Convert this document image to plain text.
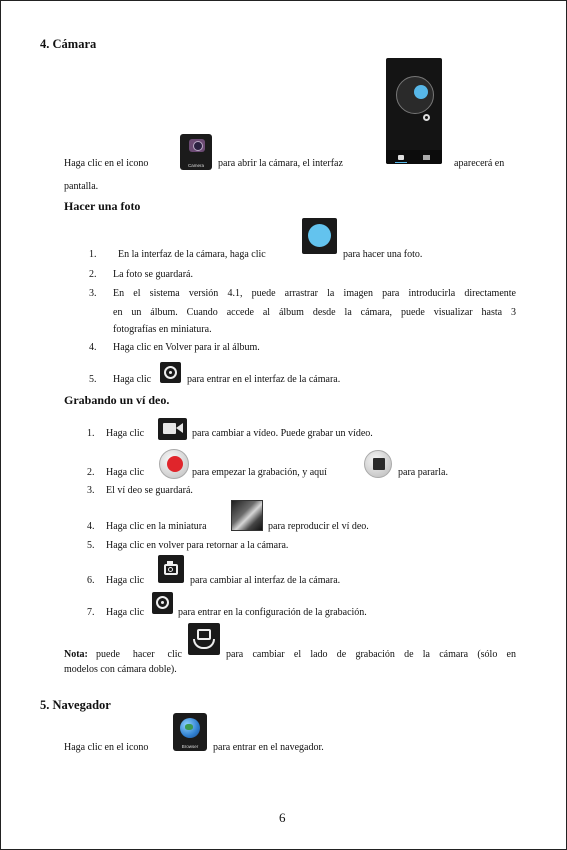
4. Cámara
Haga clic en el icono	Camera	para abrir la cámara, el interfaz	aparecerá en
pantalla.
Hacer una foto
1. En la interfaz de la cámara, haga clic	para hacer una foto.
2. La foto se guardará.
3. En el sistema versión 4.1, puede arrastrar la imagen para introducirla directamente
en un álbum. Cuando accede al álbum desde la cámara, puede visualizar hasta 3
fotografías en miniatura.
4. Haga clic en Volver para ir al álbum.
5. Haga clic	para entrar en el interfaz de la cámara.
Grabando un ví deo.
1. Haga clic	para cambiar a vídeo. Puede grabar un vídeo.
2. Haga clic	para empezar la grabación, y aquí	para pararla.
3. El ví deo se guardará.
4. Haga clic en la miniatura	para reproducir el ví deo.
5. Haga clic en volver para retornar a la cámara.
6. Haga clic	para cambiar al interfaz de la cámara.
7. Haga clic	para entrar en la configuración de la grabación.
Nota: puede hacer clic	para cambiar el lado de grabación de la cámara (sólo en
modelos con cámara doble).
5. Navegador
Haga clic en el icono	Browser	para entrar en el navegador.
6
